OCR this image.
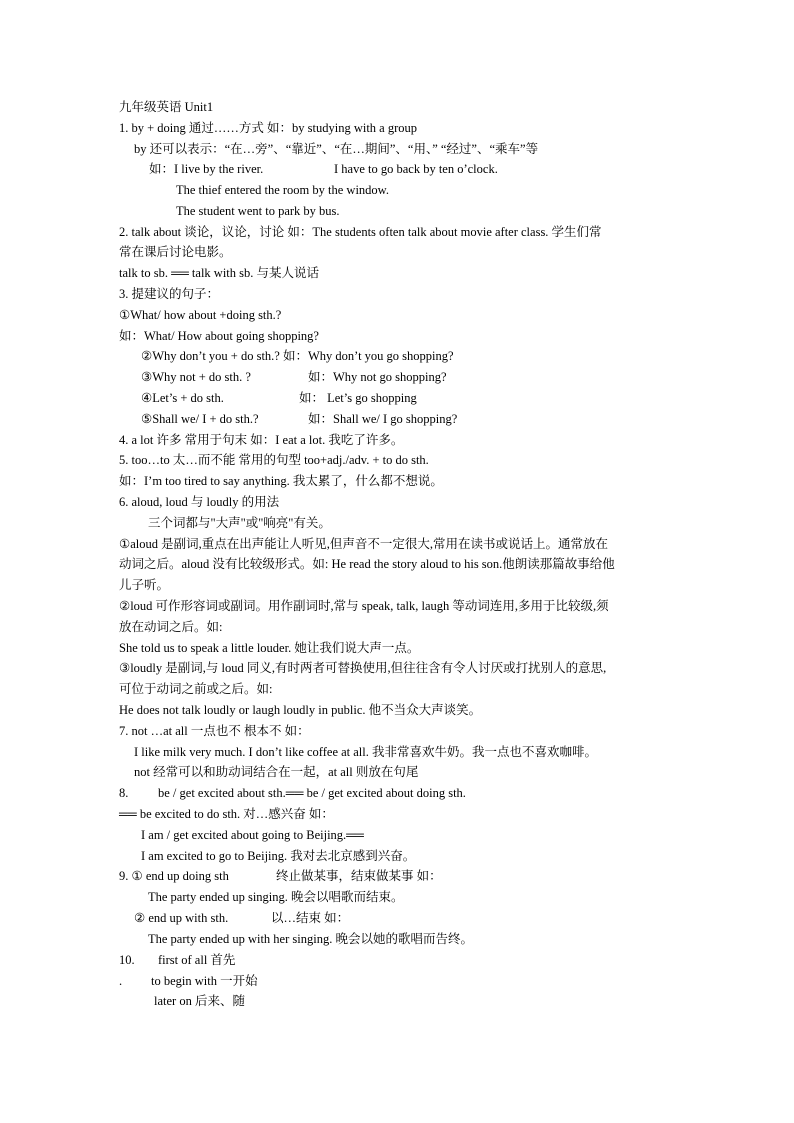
九年级英语 Unit1
1. by + doing 通过……方式 如：by studying with a group
by 还可以表示：“在…旁”、“靠近”、“在…期间”、“用、” “经过”、“乘车”等
如：I live by the river.	I have to go back by ten o’clock.
The thief entered the room by the window.
The student went to park by bus.
2. talk about 谈论，议论，讨论 如：The students often talk about movie after class. 学生们常
常在课后讨论电影。
talk to sb. ══ talk with sb. 与某人说话
3. 提建议的句子：
①What/ how about +doing sth.?
如：What/ How about going shopping?
②Why don’t you + do sth.? 如：Why don’t you go shopping?
③Why not + do sth. ?	如：Why not go shopping?
④Let’s + do sth.	如： Let’s go shopping
⑤Shall we/ I + do sth.?	如：Shall we/ I go shopping?
4. a lot 许多 常用于句末 如：I eat a lot. 我吃了许多。
5. too…to 太…而不能 常用的句型 too+adj./adv. + to do sth.
如：I’m too tired to say anything. 我太累了，什么都不想说。
6. aloud, loud 与 loudly 的用法
三个词都与"大声"或"响亮"有关。
①aloud 是副词,重点在出声能让人听见,但声音不一定很大,常用在读书或说话上。通常放在
动词之后。aloud 没有比较级形式。如: He read the story aloud to his son.他朗读那篇故事给他
儿子听。
②loud 可作形容词或副词。用作副词时,常与 speak, talk, laugh 等动词连用,多用于比较级,须
放在动词之后。如:
She told us to speak a little louder. 她让我们说大声一点。
③loudly 是副词,与 loud 同义,有时两者可替换使用,但往往含有令人讨厌或打扰别人的意思,
可位于动词之前或之后。如:
He does not talk loudly or laugh loudly in public. 他不当众大声谈笑。
7. not …at all 一点也不 根本不 如：
I like milk very much. I don’t like coffee at all. 我非常喜欢牛奶。我一点也不喜欢咖啡。
not 经常可以和助动词结合在一起，at all 则放在句尾
8. be / get excited about sth.══ be / get excited about doing sth.
══ be excited to do sth. 对…感兴奋 如：
I am / get excited about going to Beijing.══
I am excited to go to Beijing. 我对去北京感到兴奋。
9. ① end up doing sth	终止做某事，结束做某事 如：
The party ended up singing. 晚会以唱歌而结束。
② end up with sth.	以…结束 如：
The party ended up with her singing. 晚会以她的歌唱而告终。
10. first of all 首先
. to begin with 一开始
later on 后来、随
